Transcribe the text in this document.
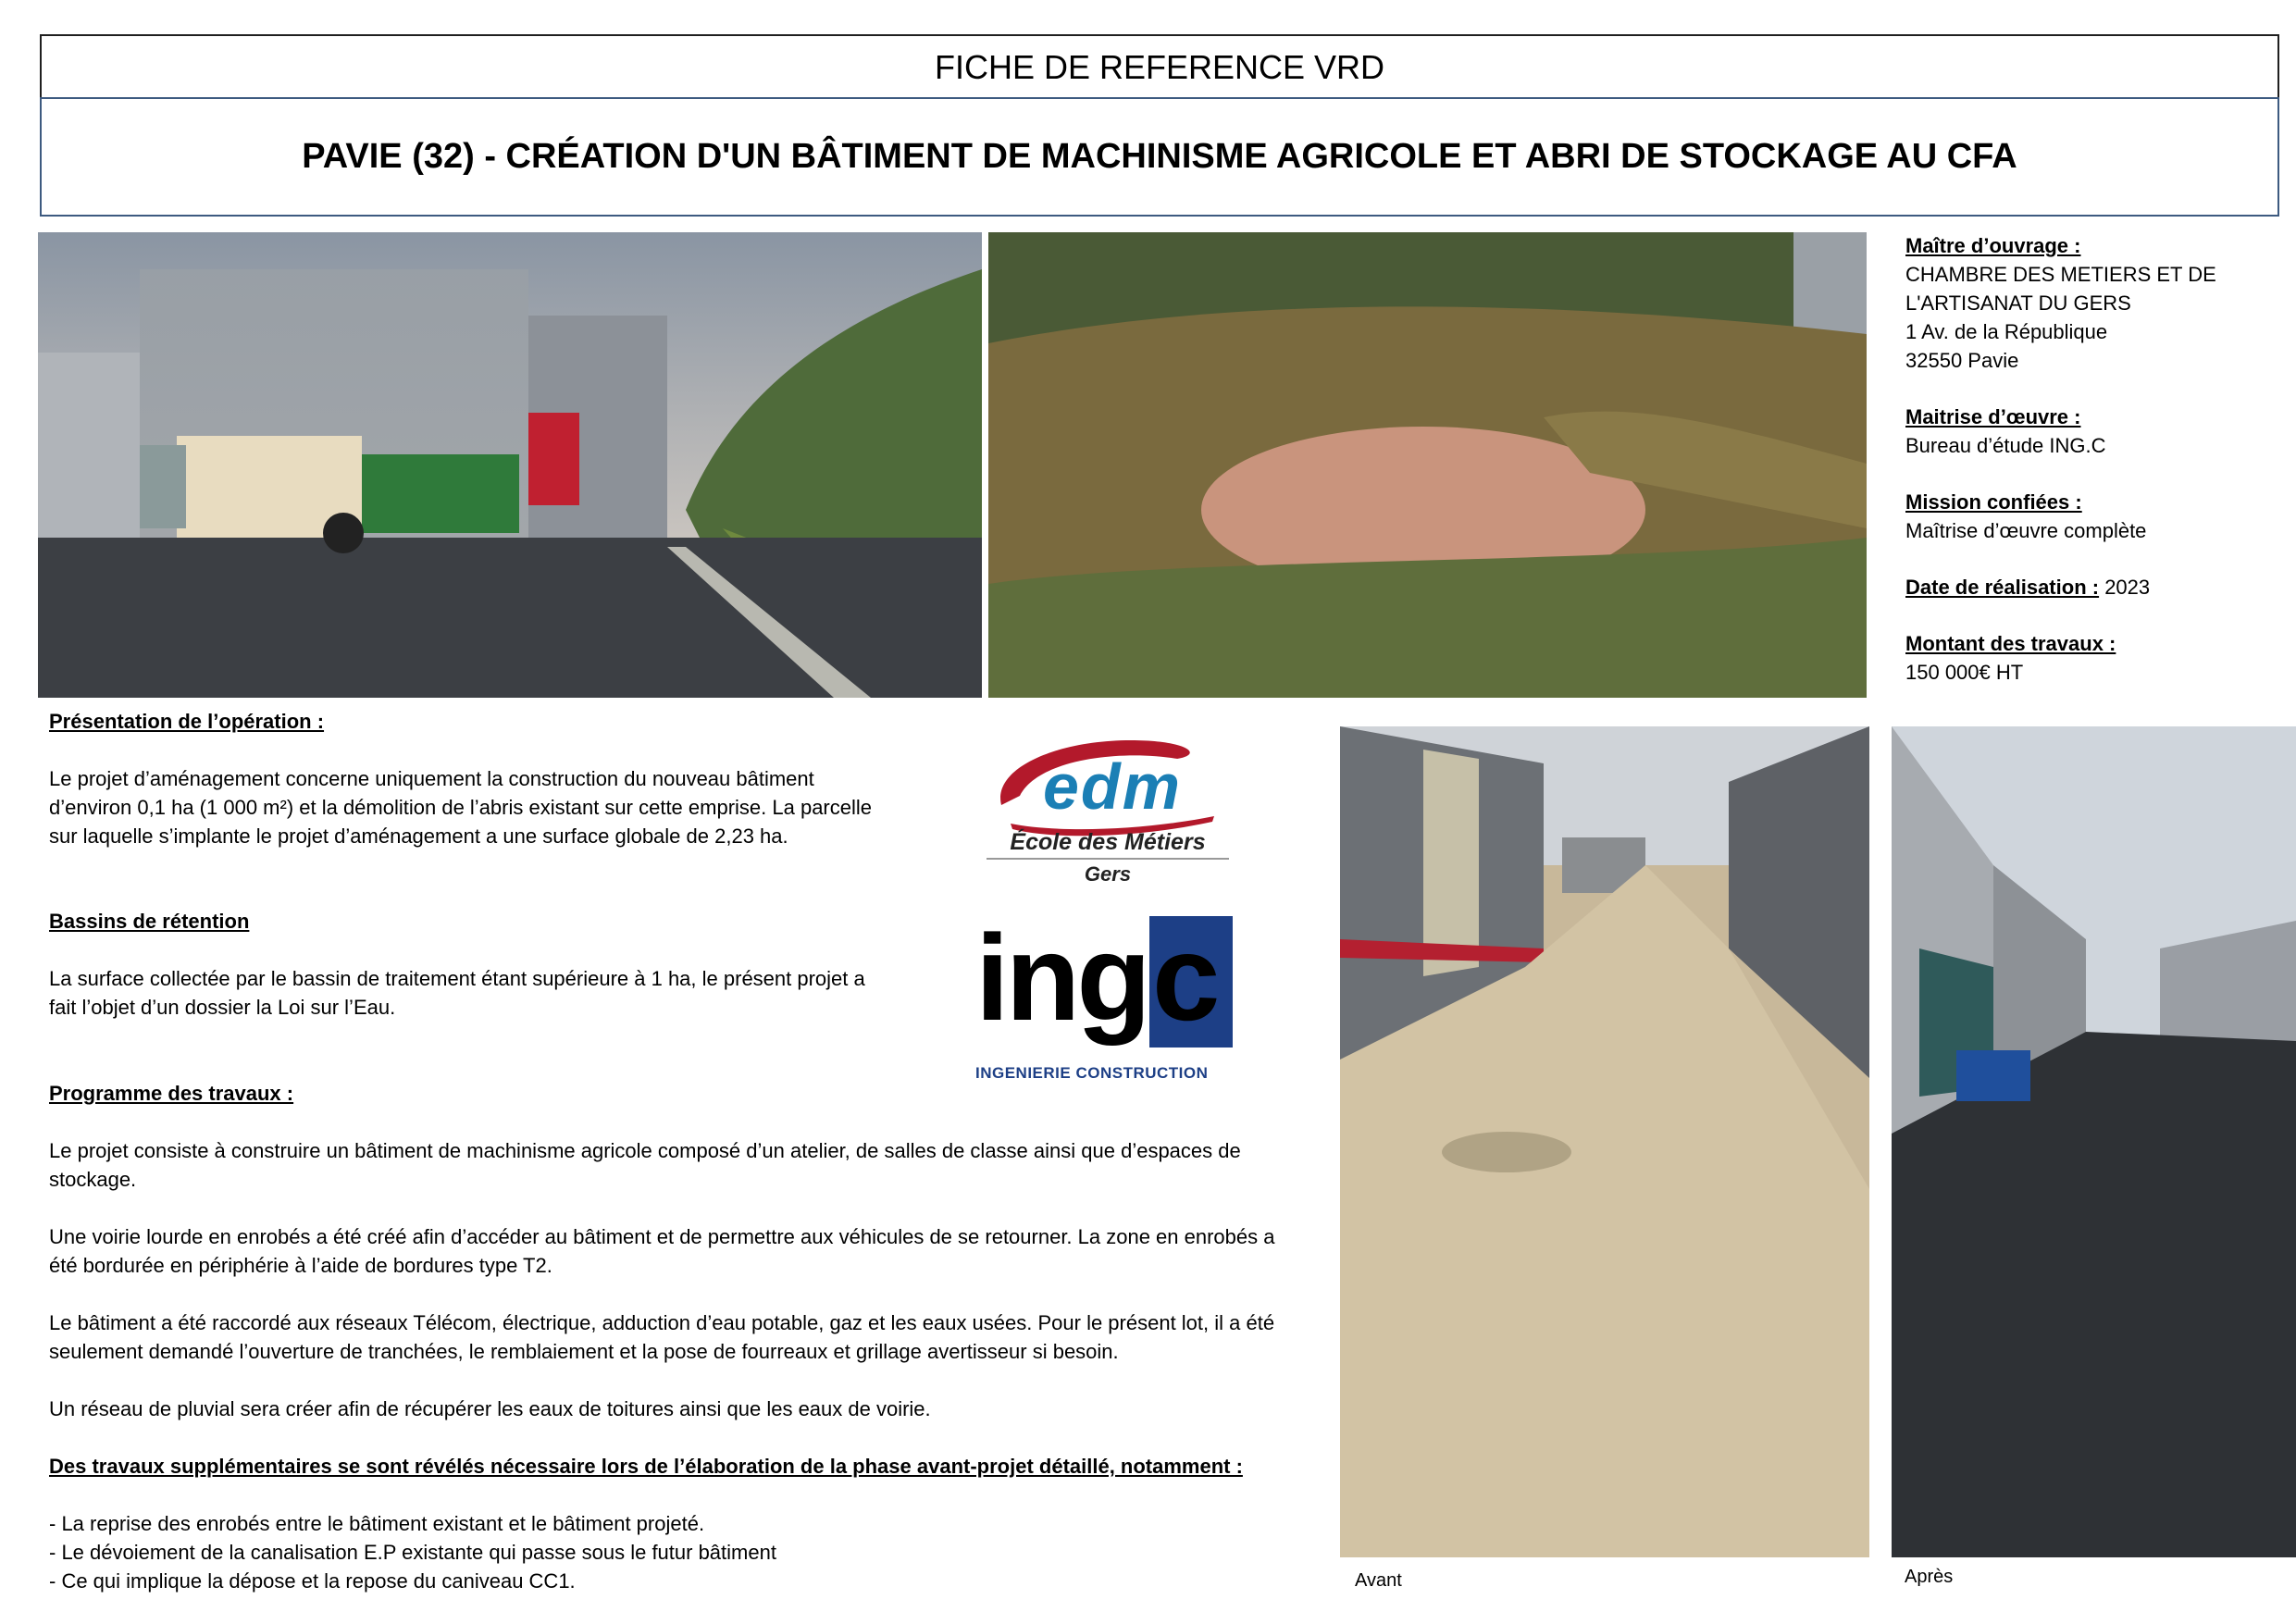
FICHE DE REFERENCE VRD
PAVIE (32) - CRÉATION D'UN BÂTIMENT DE MACHINISME AGRICOLE ET ABRI DE STOCKAGE AU CFA
Maître d’ouvrage :
CHAMBRE DES METIERS ET DE
L'ARTISANAT DU GERS
1 Av. de la République
32550 Pavie
Maitrise d’œuvre :
Bureau d’étude ING.C
Mission confiées :
Maîtrise d’œuvre complète
Date de réalisation : 2023
Montant des travaux :
150 000€ HT
Présentation de l’opération :
Le projet d’aménagement concerne uniquement la construction du nouveau bâtiment
d’environ 0,1 ha (1 000 m²) et la démolition de l’abris existant sur cette emprise. La parcelle
sur laquelle s’implante le projet d’aménagement a une surface globale de 2,23 ha.
Bassins de rétention
La surface collectée par le bassin de traitement étant supérieure à 1 ha, le présent projet a
fait l’objet d’un dossier la Loi sur l’Eau.
Programme des travaux :
Le projet consiste à construire un bâtiment de machinisme agricole composé d’un atelier, de salles de classe ainsi que d’espaces de
stockage.
Une voirie lourde en enrobés a été créé afin d’accéder au bâtiment et de permettre aux véhicules de se retourner. La zone en enrobés a
été bordurée en périphérie à l’aide de bordures type T2.
Le bâtiment a été raccordé aux réseaux Télécom, électrique, adduction d’eau potable, gaz et les eaux usées. Pour le présent lot, il a été
seulement demandé l’ouverture de tranchées, le remblaiement et la pose de fourreaux et grillage avertisseur si besoin.
Un réseau de pluvial sera créer afin de récupérer les eaux de toitures ainsi que les eaux de voirie.
Des travaux supplémentaires se sont révélés nécessaire lors de l’élaboration de la phase avant-projet détaillé, notamment :
- La reprise des enrobés entre le bâtiment existant et le bâtiment projeté.
- Le dévoiement de la canalisation E.P existante qui passe sous le futur bâtiment
- Ce qui implique la dépose et la repose du caniveau CC1.
edm
École des Métiers
Gers
ing c
INGENIERIE CONSTRUCTION
Avant	Après
